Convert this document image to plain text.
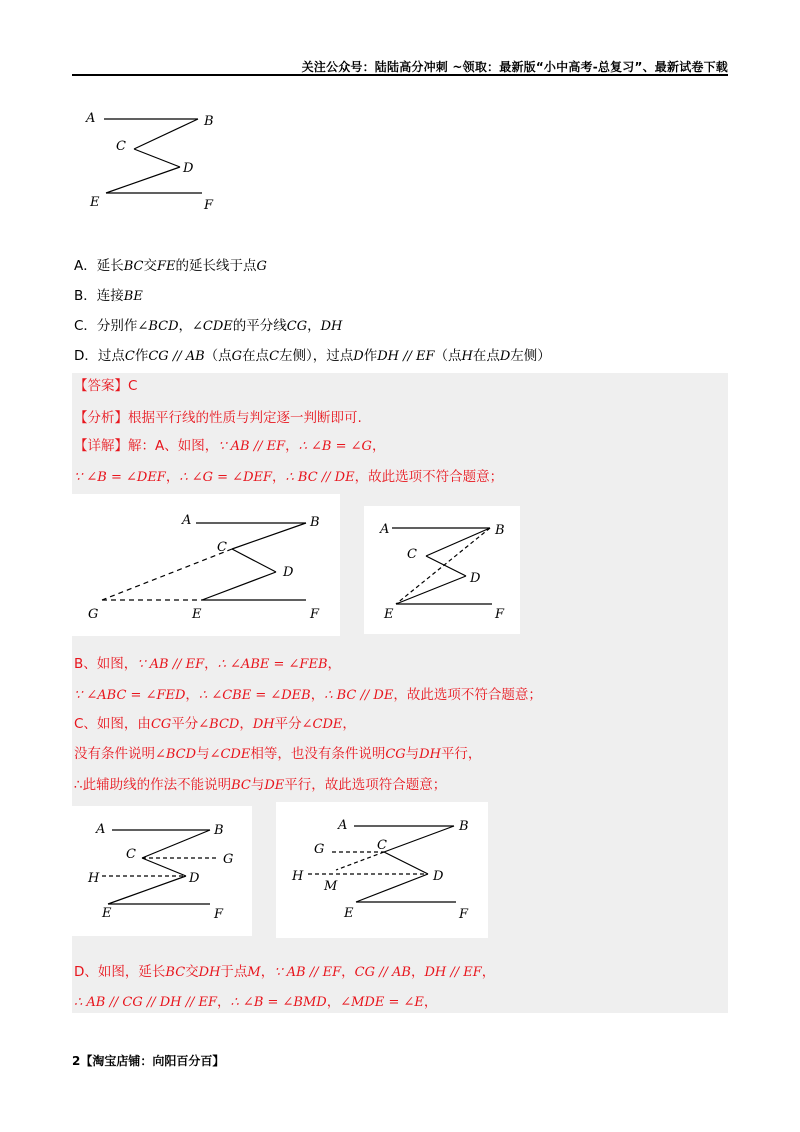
关注公众号：陆陆高分冲刺 ~领取：最新版“小中高考-总复习”、最新试卷下载
A	B
C
D
E	F
A．延长BC交FE的延长线于点G
B．连接BE
C．分别作∠BCD，∠CDE的平分线CG，DH
D．过点C作CG // AB（点G在点C左侧），过点D作DH // EF（点H在点D左侧）
【答案】C
【分析】根据平行线的性质与判定逐一判断即可.
【详解】解：A、如图，∵ AB // EF，∴ ∠B = ∠G，
∵ ∠B = ∠DEF，∴ ∠G = ∠DEF，∴ BC // DE，故此选项不符合题意；
A	B
C
D
G	E	F
A	B
C
D
E	F
B、如图，∵ AB // EF，∴ ∠ABE = ∠FEB，
∵ ∠ABC = ∠FED，∴ ∠CBE = ∠DEB，∴ BC // DE，故此选项不符合题意；
C、如图，由CG平分∠BCD，DH平分∠CDE，
没有条件说明∠BCD与∠CDE相等，也没有条件说明CG与DH平行，
∴此辅助线的作法不能说明BC与DE平行，故此选项符合题意；
A	B
C	G
H	D
E	F
A	B
G	C
H	D
M
E	F
D、如图，延长BC交DH于点M，∵ AB // EF，CG // AB，DH // EF，
∴ AB // CG // DH // EF，∴ ∠B = ∠BMD，∠MDE = ∠E，
2【淘宝店铺：向阳百分百】
